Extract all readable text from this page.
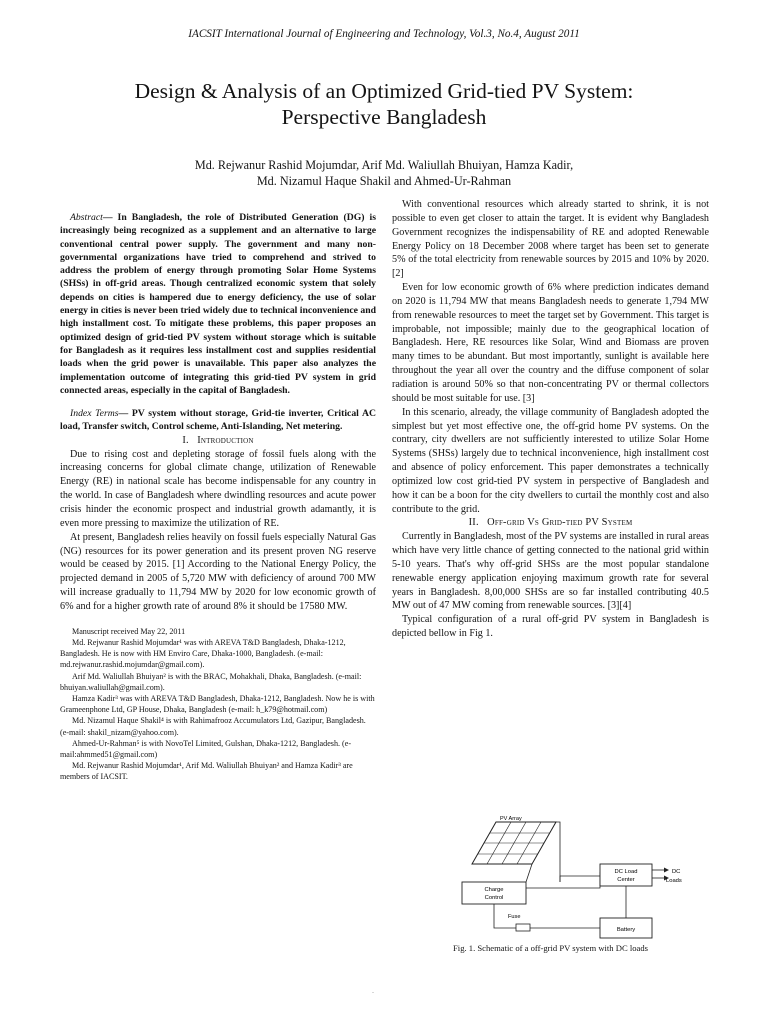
IACSIT International Journal of Engineering and Technology, Vol.3, No.4, August 2011
Design & Analysis of an Optimized Grid-tied PV System:
Perspective Bangladesh
Md. Rejwanur Rashid Mojumdar, Arif Md. Waliullah Bhuiyan, Hamza Kadir,
Md. Nizamul Haque Shakil and Ahmed-Ur-Rahman

Abstract— In Bangladesh, the role of Distributed Generation (DG) is increasingly being recognized as a supplement and an alternative to large conventional central power supply. The government and many non-governmental organizations have tried to comprehend and strived to address the problem of energy through promoting Solar Home Systems (SHSs) in off-grid areas. Though centralized economic system that solely depends on cities is hampered due to energy deficiency, the use of solar energy in cities is never been tried widely due to technical inconvenience and high installment cost. To mitigate these problems, this paper proposes an optimized design of grid-tied PV system without storage which is suitable for Bangladesh as it requires less installment cost and supplies residential loads when the grid power is unavailable. This paper also analyzes the implementation outcome of integrating this grid-tied PV system in grid connected areas, especially in the capital of Bangladesh.

Index Terms— PV system without storage, Grid-tie inverter, Critical AC load, Transfer switch, Control scheme, Anti-Islanding, Net metering.

I. Introduction

Due to rising cost and depleting storage of fossil fuels along with the increasing concerns for global climate change, utilization of Renewable Energy (RE) in national scale has become indispensable for any country in the world. In case of Bangladesh where dwindling resources and acute power crisis hinder the economic prospect and industrial growth adamantly, it is even more pressing to maximize the utilization of RE.

At present, Bangladesh relies heavily on fossil fuels especially Natural Gas (NG) resources for its power generation and its present proven NG reserve would be ceased by 2015. [1] According to the National Energy Policy, the projected demand in 2005 of 5,720 MW with deficiency of around 700 MW will increase gradually to 11,794 MW by 2020 for low economic growth of 6% and for a higher growth rate of around 8% it should be 17580 MW.

Manuscript received May 22, 2011

Md. Rejwanur Rashid Mojumdar¹ was with AREVA T&D Bangladesh, Dhaka-1212, Bangladesh. He is now with HM Enviro Care, Dhaka-1000, Bangladesh. (e-mail: md.rejwanur.rashid.mojumdar@gmail.com).

Arif Md. Waliullah Bhuiyan² is with the BRAC, Mohakhali, Dhaka, Bangladesh. (e-mail: bhuiyan.waliullah@gmail.com).

Hamza Kadir³ was with AREVA T&D Bangladesh, Dhaka-1212, Bangladesh. Now he is with Grameenphone Ltd, GP House, Dhaka, Bangladesh (e-mail: h_k79@hotmail.com)

Md. Nizamul Haque Shakil⁴ is with Rahimafrooz Accumulators Ltd, Gazipur, Bangladesh. (e-mail: shakil_nizam@yahoo.com).

Ahmed-Ur-Rahman⁵ is with NovoTel Limited, Gulshan, Dhaka-1212, Bangladesh. (e-mail:ahmmed51@gmail.com)

Md. Rejwanur Rashid Mojumdar¹, Arif Md. Waliullah Bhuiyan² and Hamza Kadir³ are members of IACSIT.

With conventional resources which already started to shrink, it is not possible to even get closer to attain the target. It is evident why Bangladesh Government recognizes the indispensability of RE and adopted Renewable Energy Policy on 18 December 2008 where target has been set to generate 5% of the total electricity from renewable sources by 2015 and 10% by 2020. [2]

Even for low economic growth of 6% where prediction indicates demand on 2020 is 11,794 MW that means Bangladesh needs to generate 1,794 MW from renewable resources to meet the target set by Government. This target is improbable, not impossible; mainly due to the geographical location of Bangladesh. Here, RE resources like Solar, Wind and Biomass are proven many times to be abundant. But most importantly, sunlight is available here throughout the year all over the country and the diffuse component of solar radiation is around 50% so that non-concentrating PV or thermal collectors should be most suitable for use. [3]

In this scenario, already, the village community of Bangladesh adopted the simplest but yet most effective one, the off-grid home PV systems. On the contrary, city dwellers are not sufficiently interested to utilize Solar Home Systems (SHSs) largely due to technical inconvenience, high installment cost and absence of policy enforcement. This paper demonstrates a technically optimized low cost grid-tied PV system in perspective of Bangladesh and how it can be a boon for the city dwellers to curtail the monthly cost and also contribute to the grid.

II. Off-grid Vs Grid-tied PV System

Currently in Bangladesh, most of the PV systems are installed in rural areas which have very little chance of getting connected to the national grid within 5-10 years. That's why off-grid SHSs are the most popular standalone renewable energy application enjoying maximum growth rate for several years in Bangladesh. 8,00,000 SHSs are so far installed contributing 40.5 MW out of 47 MW coming from renewable sources. [3][4]

Typical configuration of a rural off-grid PV system in Bangladesh is depicted bellow in Fig 1.

PV Array
Charge
Control
DC Load
Center
DC
Loads
Fuse
Battery
Fig. 1. Schematic of a off-grid PV system with DC loads
.
